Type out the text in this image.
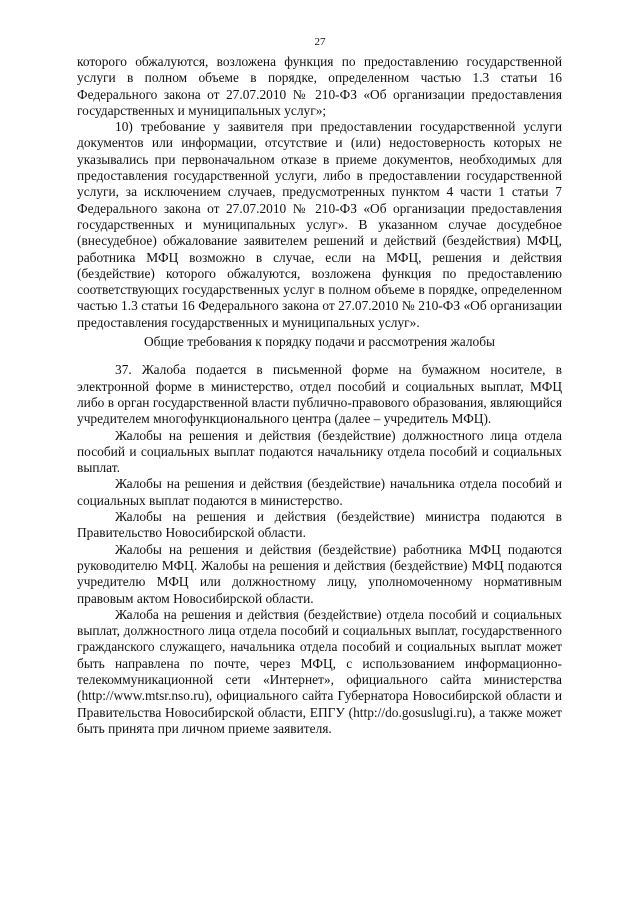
27

которого обжалуются, возложена функция по предоставлению государственной услуги в полном объеме в порядке, определенном частью 1.3 статьи 16 Федерального закона от 27.07.2010 № 210-ФЗ «Об организации предоставления государственных и муниципальных услуг»;

10) требование у заявителя при предоставлении государственной услуги документов или информации, отсутствие и (или) недостоверность которых не указывались при первоначальном отказе в приеме документов, необходимых для предоставления государственной услуги, либо в предоставлении государственной услуги, за исключением случаев, предусмотренных пунктом 4 части 1 статьи 7 Федерального закона от 27.07.2010 № 210-ФЗ «Об организации предоставления государственных и муниципальных услуг». В указанном случае досудебное (внесудебное) обжалование заявителем решений и действий (бездействия) МФЦ, работника МФЦ возможно в случае, если на МФЦ, решения и действия (бездействие) которого обжалуются, возложена функция по предоставлению соответствующих государственных услуг в полном объеме в порядке, определенном частью 1.3 статьи 16 Федерального закона от 27.07.2010 № 210-ФЗ «Об организации предоставления государственных и муниципальных услуг».

Общие требования к порядку подачи и рассмотрения жалобы

37. Жалоба подается в письменной форме на бумажном носителе, в электронной форме в министерство, отдел пособий и социальных выплат, МФЦ либо в орган государственной власти публично-правового образования, являющийся учредителем многофункционального центра (далее – учредитель МФЦ).

Жалобы на решения и действия (бездействие) должностного лица отдела пособий и социальных выплат подаются начальнику отдела пособий и социальных выплат.

Жалобы на решения и действия (бездействие) начальника отдела пособий и социальных выплат подаются в министерство.

Жалобы на решения и действия (бездействие) министра подаются в Правительство Новосибирской области.

Жалобы на решения и действия (бездействие) работника МФЦ подаются руководителю МФЦ. Жалобы на решения и действия (бездействие) МФЦ подаются учредителю МФЦ или должностному лицу, уполномоченному нормативным правовым актом Новосибирской области.

Жалоба на решения и действия (бездействие) отдела пособий и социальных выплат, должностного лица отдела пособий и социальных выплат, государственного гражданского служащего, начальника отдела пособий и социальных выплат может быть направлена по почте, через МФЦ, с использованием информационно-телекоммуникационной сети «Интернет», официального сайта министерства (http://www.mtsr.nso.ru), официального сайта Губернатора Новосибирской области и Правительства Новосибирской области, ЕПГУ (http://do.gosuslugi.ru), а также может быть принята при личном приеме заявителя.
